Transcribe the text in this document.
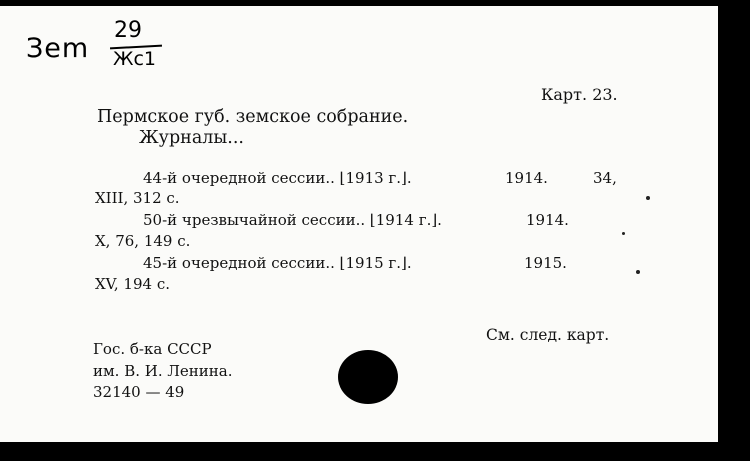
Зem
29
Жс1
Карт. 23.
Пермское губ. земское собрание.
Журналы...
44-й очередной сессии.. ⌊1913 г.⌋.	1914.	34,
XIII, 312 с.
50-й чрезвычайной сессии.. ⌊1914 г.⌋.	1914.
X, 76, 149 с.
45-й очередной сессии.. ⌊1915 г.⌋.	1915.
XV, 194 с.
См. след. карт.
Гос. б-ка СССР
им. В. И. Ленина.
32140 — 49
